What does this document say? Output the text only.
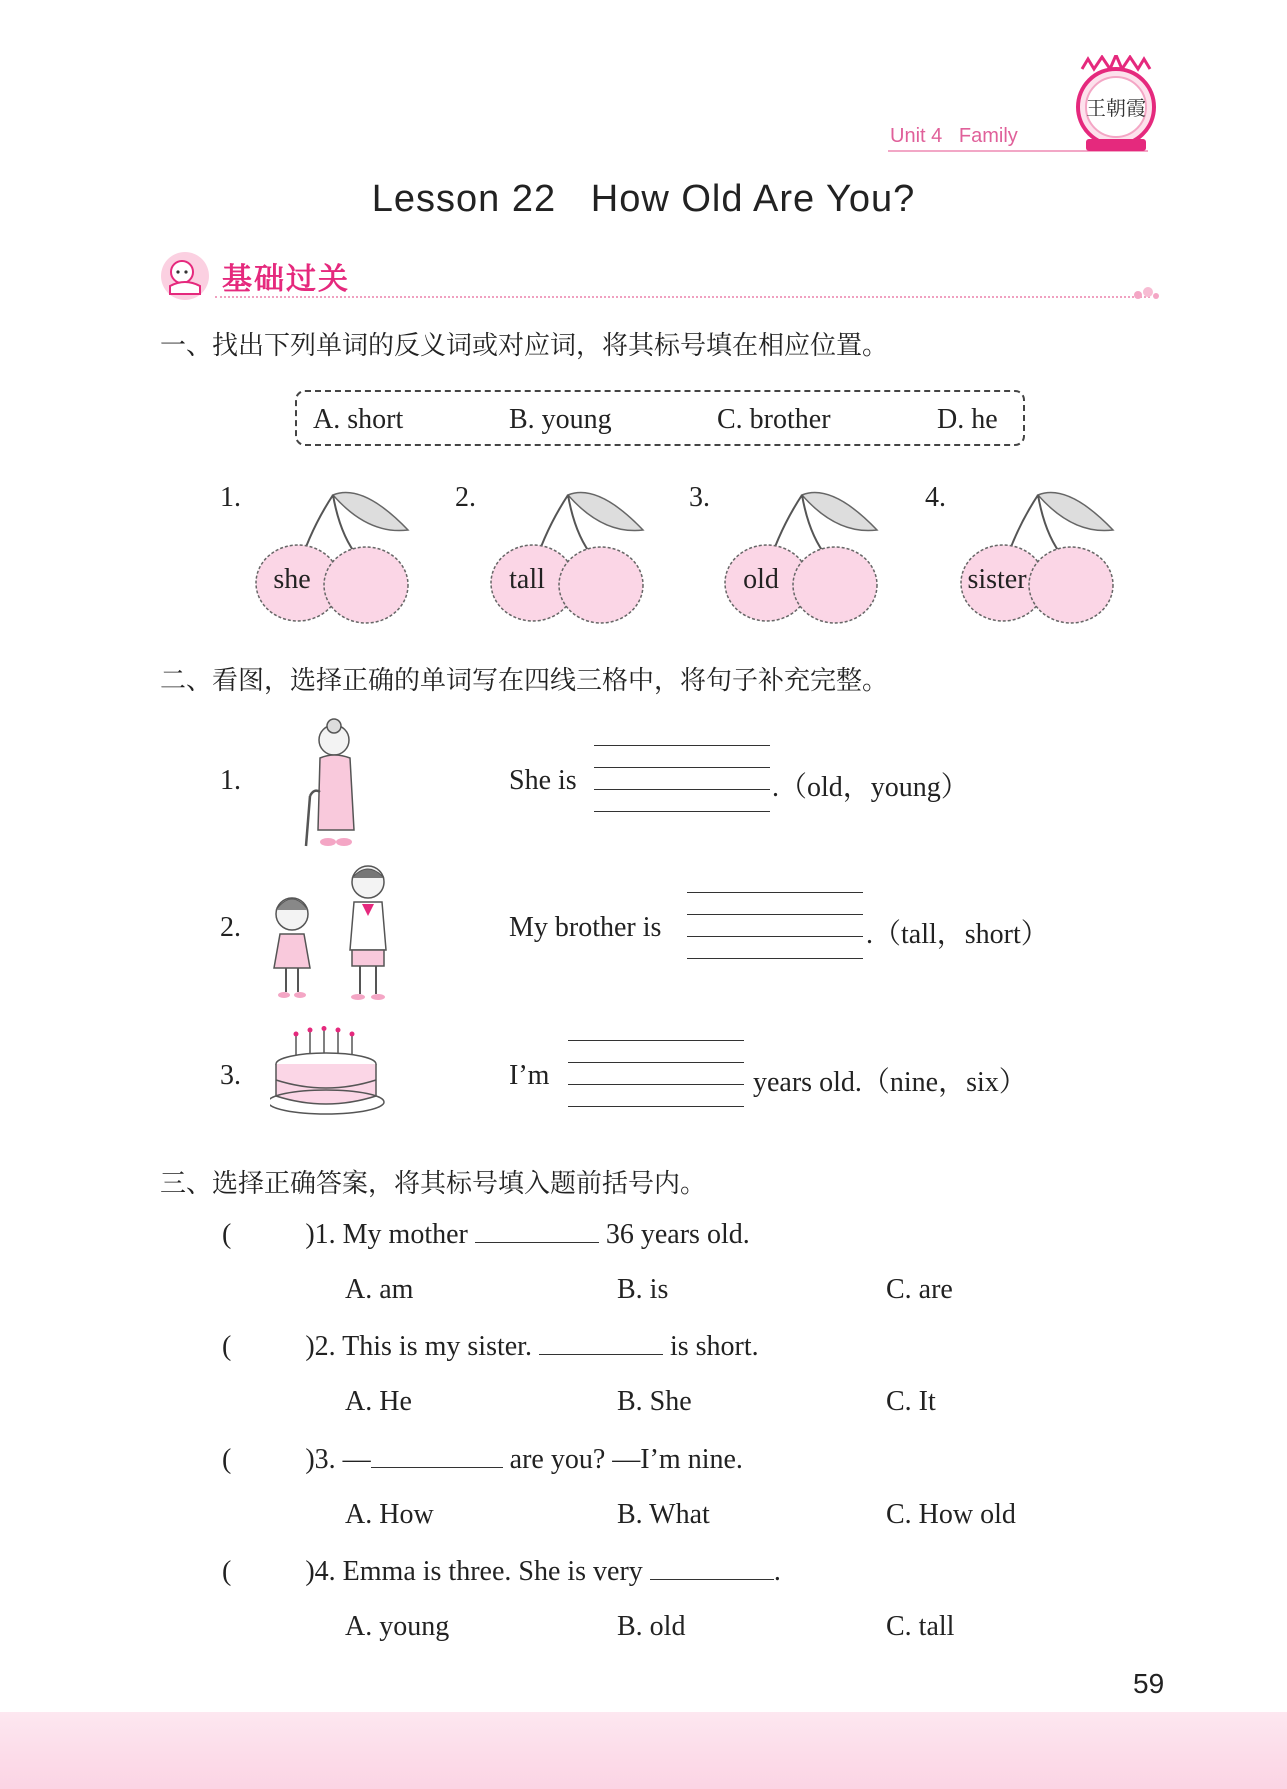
Unit 4 Family
王朝霞
Lesson 22   How Old Are You?
基础过关
一、找出下列单词的反义词或对应词，将其标号填在相应位置。
A. short	B. young	C. brother	D. he
1.
she
2.
tall
3.
old
4.
sister
二、看图，选择正确的单词写在四线三格中，将句子补充完整。
1.	She is	.（old，young）
2.	My brother is	.（tall，short）
3.	I’m	years old.（nine，six）
三、选择正确答案，将其标号填入题前括号内。
(	)1. My mother	36 years old.
A. am	B. is	C. are
(	)2. This is my sister.	is short.
A. He	B. She	C. It
(	)3. —	are you? —I’m nine.
A. How	B. What	C. How old
(	)4. Emma is three. She is very	.
A. young	B. old	C. tall
59
